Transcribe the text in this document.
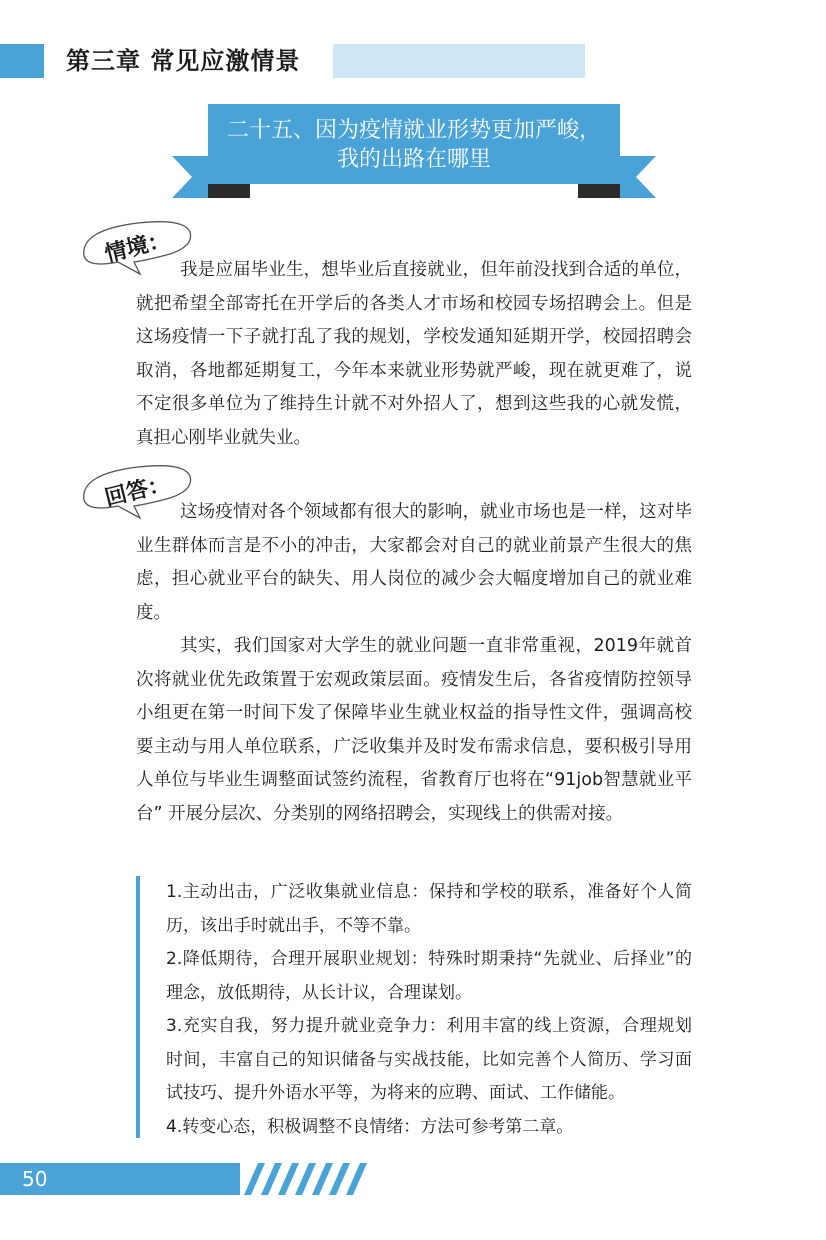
第三章 常见应激情景
二十五、因为疫情就业形势更加严峻，
我的出路在哪里
情境：
我是应届毕业生，想毕业后直接就业，但年前没找到合适的单位，就把希望全部寄托在开学后的各类人才市场和校园专场招聘会上。但是这场疫情一下子就打乱了我的规划，学校发通知延期开学，校园招聘会取消，各地都延期复工，今年本来就业形势就严峻，现在就更难了，说不定很多单位为了维持生计就不对外招人了，想到这些我的心就发慌，真担心刚毕业就失业。
回答：
这场疫情对各个领域都有很大的影响，就业市场也是一样，这对毕业生群体而言是不小的冲击，大家都会对自己的就业前景产生很大的焦虑，担心就业平台的缺失、用人岗位的减少会大幅度增加自己的就业难度。
其实，我们国家对大学生的就业问题一直非常重视，2019年就首次将就业优先政策置于宏观政策层面。疫情发生后，各省疫情防控领导小组更在第一时间下发了保障毕业生就业权益的指导性文件，强调高校要主动与用人单位联系，广泛收集并及时发布需求信息，要积极引导用人单位与毕业生调整面试签约流程，省教育厅也将在“91job智慧就业平台” 开展分层次、分类别的网络招聘会，实现线上的供需对接。

1.主动出击，广泛收集就业信息：保持和学校的联系，准备好个人简历，该出手时就出手，不等不靠。

2.降低期待，合理开展职业规划：特殊时期秉持“先就业、后择业”的理念，放低期待，从长计议，合理谋划。

3.充实自我，努力提升就业竞争力：利用丰富的线上资源，合理规划时间，丰富自己的知识储备与实战技能，比如完善个人简历、学习面试技巧、提升外语水平等，为将来的应聘、面试、工作储能。

4.转变心态，积极调整不良情绪：方法可参考第二章。

50
